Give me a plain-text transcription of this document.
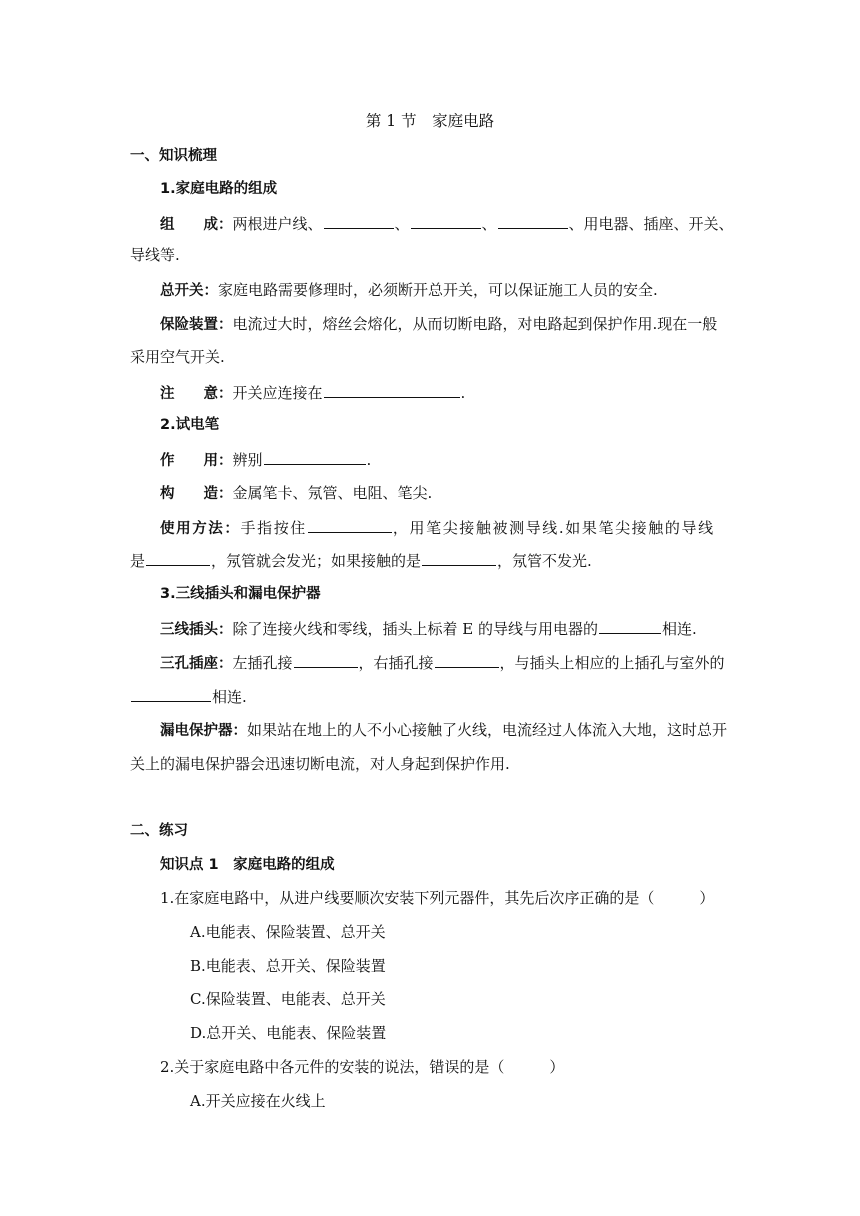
第 1 节　 家庭电路
一、知识梳理
1.家庭电路的组成
组　　成：两根进户线、	、	、	、用电器、插座、开关、
导线等.
总开关：家庭电路需要修理时，必须断开总开关，可以保证施工人员的安全.
保险装置：电流过大时，熔丝会熔化，从而切断电路，对电路起到保护作用.现在一般
采用空气开关.
注　　意：开关应连接在	.
2.试电笔
作　　用：辨别	.
构　　造：金属笔卡、氖管、电阻、笔尖.
使用方法：手指按住	，用笔尖接触被测导线.如果笔尖接触的导线
是	，氖管就会发光；如果接触的是	，氖管不发光.
3.三线插头和漏电保护器
三线插头：除了连接火线和零线，插头上标着 E 的导线与用电器的	相连.
三孔插座：左插孔接	，右插孔接	，与插头上相应的上插孔与室外的
相连.
漏电保护器：如果站在地上的人不小心接触了火线，电流经过人体流入大地，这时总开
关上的漏电保护器会迅速切断电流，对人身起到保护作用.
二、练习
知识点 1　家庭电路的组成
1.在家庭电路中，从进户线要顺次安装下列元器件，其先后次序正确的是（　　　）
A.电能表、保险装置、总开关
B.电能表、总开关、保险装置
C.保险装置、电能表、总开关
D.总开关、电能表、保险装置
2.关于家庭电路中各元件的安装的说法，错误的是（　　　）
A.开关应接在火线上
